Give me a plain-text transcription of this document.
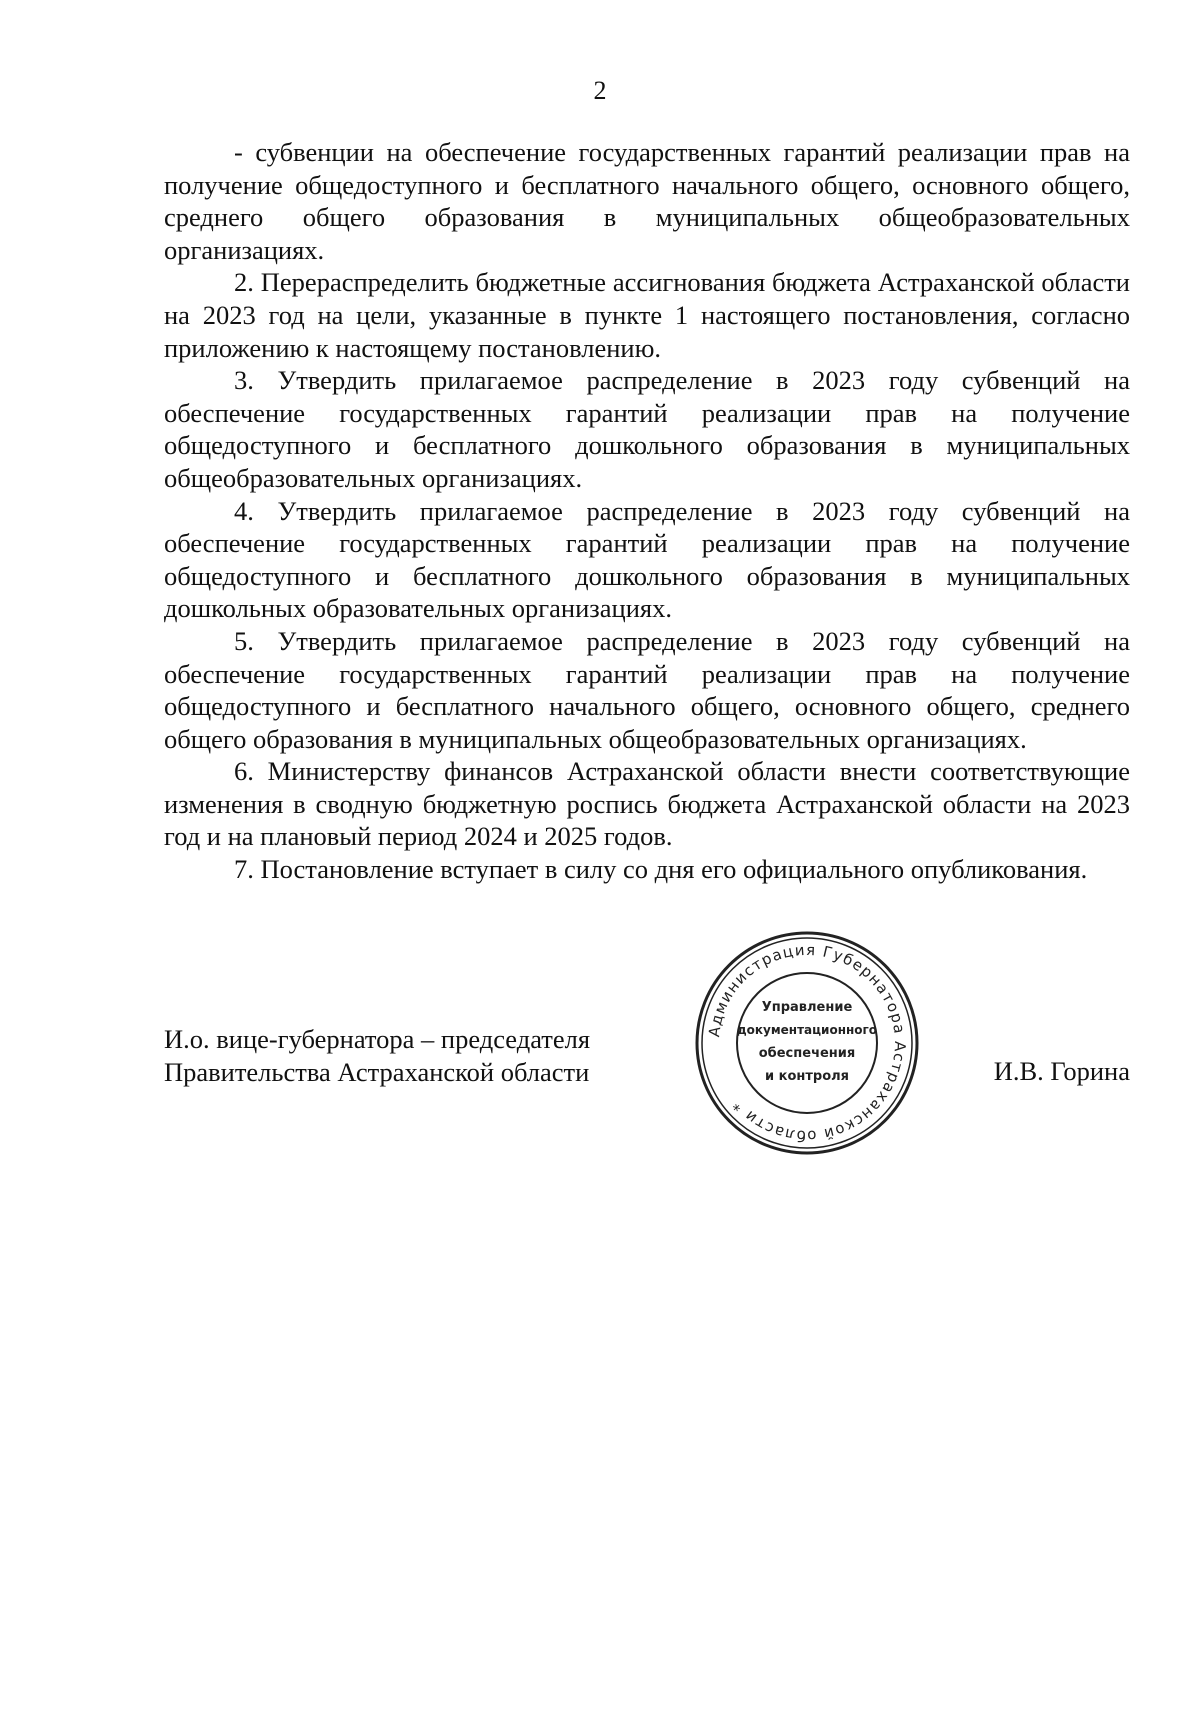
2

- субвенции на обеспечение государственных гарантий реализации прав на получение общедоступного и бесплатного начального общего, основного общего, среднего общего образования в муниципальных общеобразовательных организациях.

2. Перераспределить бюджетные ассигнования бюджета Астраханской области на 2023 год на цели, указанные в пункте 1 настоящего постановления, согласно приложению к настоящему постановлению.

3. Утвердить прилагаемое распределение в 2023 году субвенций на обеспечение государственных гарантий реализации прав на получение общедоступного и бесплатного дошкольного образования в муниципальных общеобразовательных организациях.

4. Утвердить прилагаемое распределение в 2023 году субвенций на обеспечение государственных гарантий реализации прав на получение общедоступного и бесплатного дошкольного образования в муниципальных дошкольных образовательных организациях.

5. Утвердить прилагаемое распределение в 2023 году субвенций на обеспечение государственных гарантий реализации прав на получение общедоступного и бесплатного начального общего, основного общего, среднего общего образования в муниципальных общеобразовательных организациях.

6. Министерству финансов Астраханской области внести соответствующие изменения в сводную бюджетную роспись бюджета Астраханской области на 2023 год и на плановый период 2024 и 2025 годов.

7. Постановление вступает в силу со дня его официального опубликования.

И.о. вице-губернатора – председателя
Правительства Астраханской области
Администрация Губернатора Астраханской области *
Управление
документационного
обеспечения
и контроля	И.В. Горина
